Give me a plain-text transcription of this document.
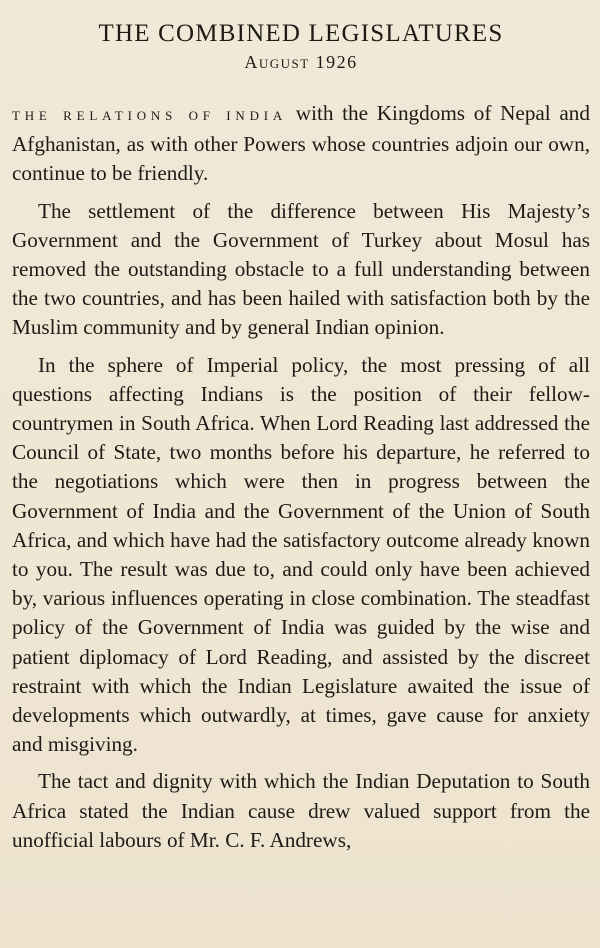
THE COMBINED LEGISLATURES
August 1926

THE RELATIONS OF INDIA with the Kingdoms of Nepal and Afghanistan, as with other Powers whose countries adjoin our own, continue to be friendly.

The settlement of the difference between His Majesty’s Government and the Government of Turkey about Mosul has removed the outstanding obstacle to a full understanding between the two countries, and has been hailed with satisfaction both by the Muslim community and by general Indian opinion.

In the sphere of Imperial policy, the most pressing of all questions affecting Indians is the position of their fellow-countrymen in South Africa. When Lord Reading last addressed the Council of State, two months before his departure, he referred to the negotiations which were then in progress between the Government of India and the Government of the Union of South Africa, and which have had the satisfactory outcome already known to you. The result was due to, and could only have been achieved by, various influences operating in close combination. The steadfast policy of the Government of India was guided by the wise and patient diplomacy of Lord Reading, and assisted by the discreet restraint with which the Indian Legislature awaited the issue of developments which outwardly, at times, gave cause for anxiety and misgiving.

The tact and dignity with which the Indian Deputation to South Africa stated the Indian cause drew valued support from the unofficial labours of Mr. C. F. Andrews,
